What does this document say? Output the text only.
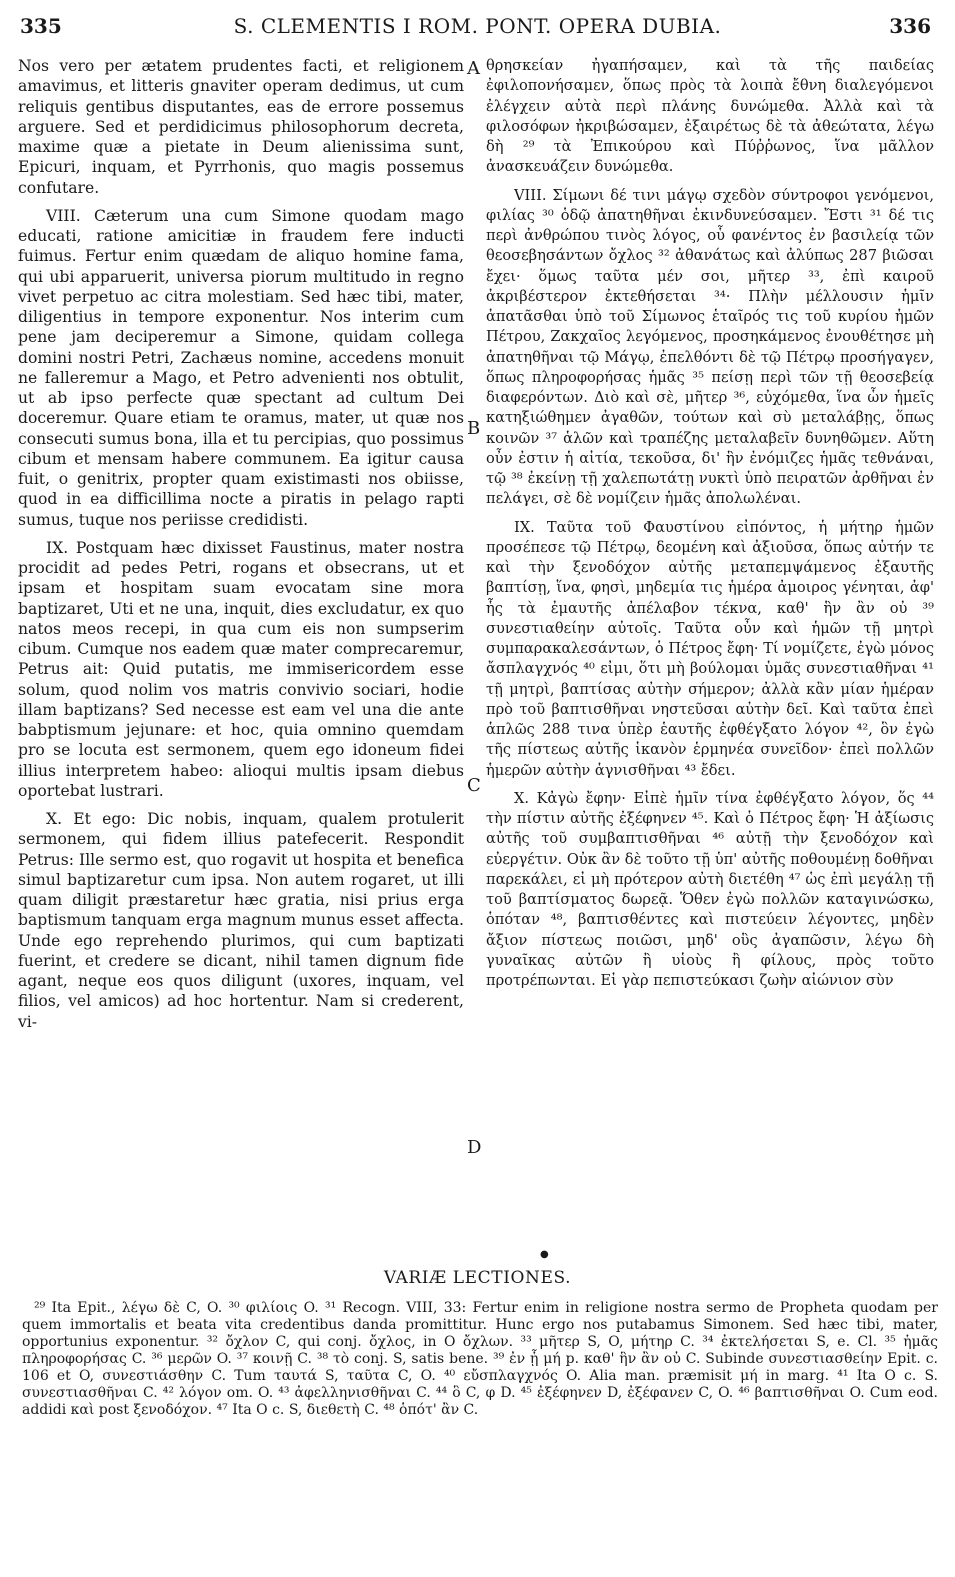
335	S. CLEMENTIS I ROM. PONT. OPERA DUBIA.	336

Nos vero per ætatem prudentes facti, et religionem amavimus, et litteris gnaviter operam dedimus, ut cum reliquis gentibus disputantes, eas de errore possemus arguere. Sed et perdidicimus philosophorum decreta, maxime quæ a pietate in Deum alienissima sunt, Epicuri, inquam, et Pyrrhonis, quo magis possemus confutare.

VIII. Cæterum una cum Simone quodam mago educati, ratione amicitiæ in fraudem fere inducti fuimus. Fertur enim quædam de aliquo homine fama, qui ubi apparuerit, universa piorum multitudo in regno vivet perpetuo ac citra molestiam. Sed hæc tibi, mater, diligentius in tempore exponentur. Nos interim cum pene jam deciperemur a Simone, quidam collega domini nostri Petri, Zachæus nomine, accedens monuit ne falleremur a Mago, et Petro advenienti nos obtulit, ut ab ipso perfecte quæ spectant ad cultum Dei doceremur. Quare etiam te oramus, mater, ut quæ nos consecuti sumus bona, illa et tu percipias, quo possimus cibum et mensam habere communem. Ea igitur causa fuit, o genitrix, propter quam existimasti nos obiisse, quod in ea difficillima nocte a piratis in pelago rapti sumus, tuque nos periisse credidisti.

IX. Postquam hæc dixisset Faustinus, mater nostra procidit ad pedes Petri, rogans et obsecrans, ut et ipsam et hospitam suam evocatam sine mora baptizaret, Uti et ne una, inquit, dies excludatur, ex quo natos meos recepi, in qua cum eis non sumpserim cibum. Cumque nos eadem quæ mater comprecaremur, Petrus ait: Quid putatis, me immisericordem esse solum, quod nolim vos matris convivio sociari, hodie illam baptizans? Sed necesse est eam vel una die ante babptismum jejunare: et hoc, quia omnino quemdam pro se locuta est sermonem, quem ego idoneum fidei illius interpretem habeo: alioqui multis ipsam diebus oportebat lustrari.

X. Et ego: Dic nobis, inquam, qualem protulerit sermonem, qui fidem illius patefecerit. Respondit Petrus: Ille sermo est, quo rogavit ut hospita et benefica simul baptizaretur cum ipsa. Non autem rogaret, ut illi quam diligit præstaretur hæc gratia, nisi prius erga baptismum tanquam erga magnum munus esset affecta. Unde ego reprehendo plurimos, qui cum baptizati fuerint, et credere se dicant, nihil tamen dignum fide agant, neque eos quos diligunt (uxores, inquam, vel filios, vel amicos) ad hoc hortentur. Nam si crederent, vi-

A
B
C
D

θρησκείαν ἠγαπήσαμεν, καὶ τὰ τῆς παιδείας ἐφιλοπονήσαμεν, ὅπως πρὸς τὰ λοιπὰ ἔθνη διαλεγόμενοι ἐλέγχειν αὐτὰ περὶ πλάνης δυνώμεθα. Ἀλλὰ καὶ τὰ φιλοσόφων ἠκριβώσαμεν, ἐξαιρέτως δὲ τὰ ἀθεώτατα, λέγω δὴ ²⁹ τὰ Ἐπικούρου καὶ Πύῤῥωνος, ἵνα μᾶλλον ἀνασκευάζειν δυνώμεθα.

VIII. Σίμωνι δέ τινι μάγῳ σχεδὸν σύντροφοι γενόμενοι, φιλίας ³⁰ ὁδῷ ἀπατηθῆναι ἐκινδυνεύσαμεν. Ἔστι ³¹ δέ τις περὶ ἀνθρώπου τινὸς λόγος, οὗ φανέντος ἐν βασιλείᾳ τῶν θεοσεβησάντων ὄχλος ³² ἀθανάτως καὶ ἀλύπως 287 βιῶσαι ἔχει· ὅμως ταῦτα μέν σοι, μῆτερ ³³, ἐπὶ καιροῦ ἀκριβέστερον ἐκτεθήσεται ³⁴· Πλὴν μέλλουσιν ἡμῖν ἀπατᾶσθαι ὑπὸ τοῦ Σίμωνος ἑταῖρός τις τοῦ κυρίου ἡμῶν Πέτρου, Ζακχαῖος λεγόμενος, προσηκάμενος ἐνουθέτησε μὴ ἀπατηθῆναι τῷ Μάγῳ, ἐπελθόντι δὲ τῷ Πέτρῳ προσήγαγεν, ὅπως πληροφορήσας ἡμᾶς ³⁵ πείσῃ περὶ τῶν τῇ θεοσεβείᾳ διαφερόντων. Διὸ καὶ σὲ, μῆτερ ³⁶, εὐχόμεθα, ἵνα ὧν ἡμεῖς κατηξιώθημεν ἀγαθῶν, τούτων καὶ σὺ μεταλάβῃς, ὅπως κοινῶν ³⁷ ἁλῶν καὶ τραπέζης μεταλαβεῖν δυνηθῶμεν. Αὕτη οὖν ἐστιν ἡ αἰτία, τεκοῦσα, δι' ἣν ἐνόμιζες ἡμᾶς τεθνάναι, τῷ ³⁸ ἐκείνῃ τῇ χαλεπωτάτῃ νυκτὶ ὑπὸ πειρατῶν ἀρθῆναι ἐν πελάγει, σὲ δὲ νομίζειν ἡμᾶς ἀπολωλέναι.

IX. Ταῦτα τοῦ Φαυστίνου εἰπόντος, ἡ μήτηρ ἡμῶν προσέπεσε τῷ Πέτρῳ, δεομένη καὶ ἀξιοῦσα, ὅπως αὐτήν τε καὶ τὴν ξενοδόχον αὐτῆς μεταπεμψάμενος ἐξαυτῆς βαπτίσῃ, ἵνα, φησὶ, μηδεμία τις ἡμέρα ἀμοιρος γένηται, ἀφ' ἧς τὰ ἐμαυτῆς ἀπέλαβον τέκνα, καθ' ἣν ἂν οὐ ³⁹ συνεστιαθείην αὐτοῖς. Ταῦτα οὖν καὶ ἡμῶν τῇ μητρὶ συμπαρακαλεσάντων, ὁ Πέτρος ἔφη· Τί νομίζετε, ἐγὼ μόνος ἄσπλαγχνός ⁴⁰ εἰμι, ὅτι μὴ βούλομαι ὑμᾶς συνεστιαθῆναι ⁴¹ τῇ μητρὶ, βαπτίσας αὐτὴν σήμερον; ἀλλὰ κἂν μίαν ἡμέραν πρὸ τοῦ βαπτισθῆναι νηστεῦσαι αὐτὴν δεῖ. Καὶ ταῦτα ἐπεὶ ἁπλῶς 288 τινα ὑπὲρ ἑαυτῆς ἐφθέγξατο λόγον ⁴², ὃν ἐγὼ τῆς πίστεως αὐτῆς ἱκανὸν ἑρμηνέα συνεῖδον· ἐπεὶ πολλῶν ἡμερῶν αὐτὴν ἁγνισθῆναι ⁴³ ἔδει.

X. Κἀγὼ ἔφην· Εἰπὲ ἡμῖν τίνα ἐφθέγξατο λόγον, ὅς ⁴⁴ τὴν πίστιν αὐτῆς ἐξέφηνεν ⁴⁵. Καὶ ὁ Πέτρος ἔφη· Ἡ ἀξίωσις αὐτῆς τοῦ συμβαπτισθῆναι ⁴⁶ αὐτῇ τὴν ξενοδόχον καὶ εὐεργέτιν. Οὐκ ἂν δὲ τοῦτο τῇ ὑπ' αὐτῆς ποθουμένῃ δοθῆναι παρεκάλει, εἰ μὴ πρότερον αὐτὴ διετέθη ⁴⁷ ὡς ἐπὶ μεγάλῃ τῇ τοῦ βαπτίσματος δωρεᾷ. Ὅθεν ἐγὼ πολλῶν καταγινώσκω, ὁπόταν ⁴⁸, βαπτισθέντες καὶ πιστεύειν λέγοντες, μηδὲν ἄξιον πίστεως ποιῶσι, μηδ' οὓς ἀγαπῶσιν, λέγω δὴ γυναῖκας αὐτῶν ἢ υἱοὺς ἢ φίλους, πρὸς τοῦτο προτρέπωνται. Εἰ γὰρ πεπιστεύκασι ζωὴν αἰώνιον σὺν

●
VARIÆ LECTIONES.

²⁹ Ita Epit., λέγω δὲ C, O. ³⁰ φιλίοις O. ³¹ Recogn. VIII, 33: Fertur enim in religione nostra sermo de Propheta quodam per quem immortalis et beata vita credentibus danda promittitur. Hunc ergo nos putabamus Simonem. Sed hæc tibi, mater, opportunius exponentur. ³² ὄχλον C, qui conj. ὄχλος, in O ὄχλων. ³³ μῆτερ S, O, μήτηρ C. ³⁴ ἐκτελήσεται S, e. Cl. ³⁵ ἡμᾶς πληροφορήσας C. ³⁶ μερῶν O. ³⁷ κοινῇ C. ³⁸ τὸ conj. S, satis bene. ³⁹ ἐν ᾗ μή p. καθ' ἣν ἂν οὐ C. Subinde συνεστιασθείην Epit. c. 106 et O, συνεστιάσθην C. Tum ταυτά S, ταῦτα C, O. ⁴⁰ εὔσπλαγχνός O. Alia man. præmisit μή in marg. ⁴¹ Ita O c. S. συνεστιασθῆναι C. ⁴² λόγον om. O. ⁴³ ἀφελληνισθῆναι C. ⁴⁴ ὃ C, φ D. ⁴⁵ ἐξέφηνεν D, ἐξέφανεν C, O. ⁴⁶ βαπτισθῆναι O. Cum eod. addidi καὶ post ξενοδόχον. ⁴⁷ Ita O c. S, διεθετὴ C. ⁴⁸ ὁπότ' ἂν C.
